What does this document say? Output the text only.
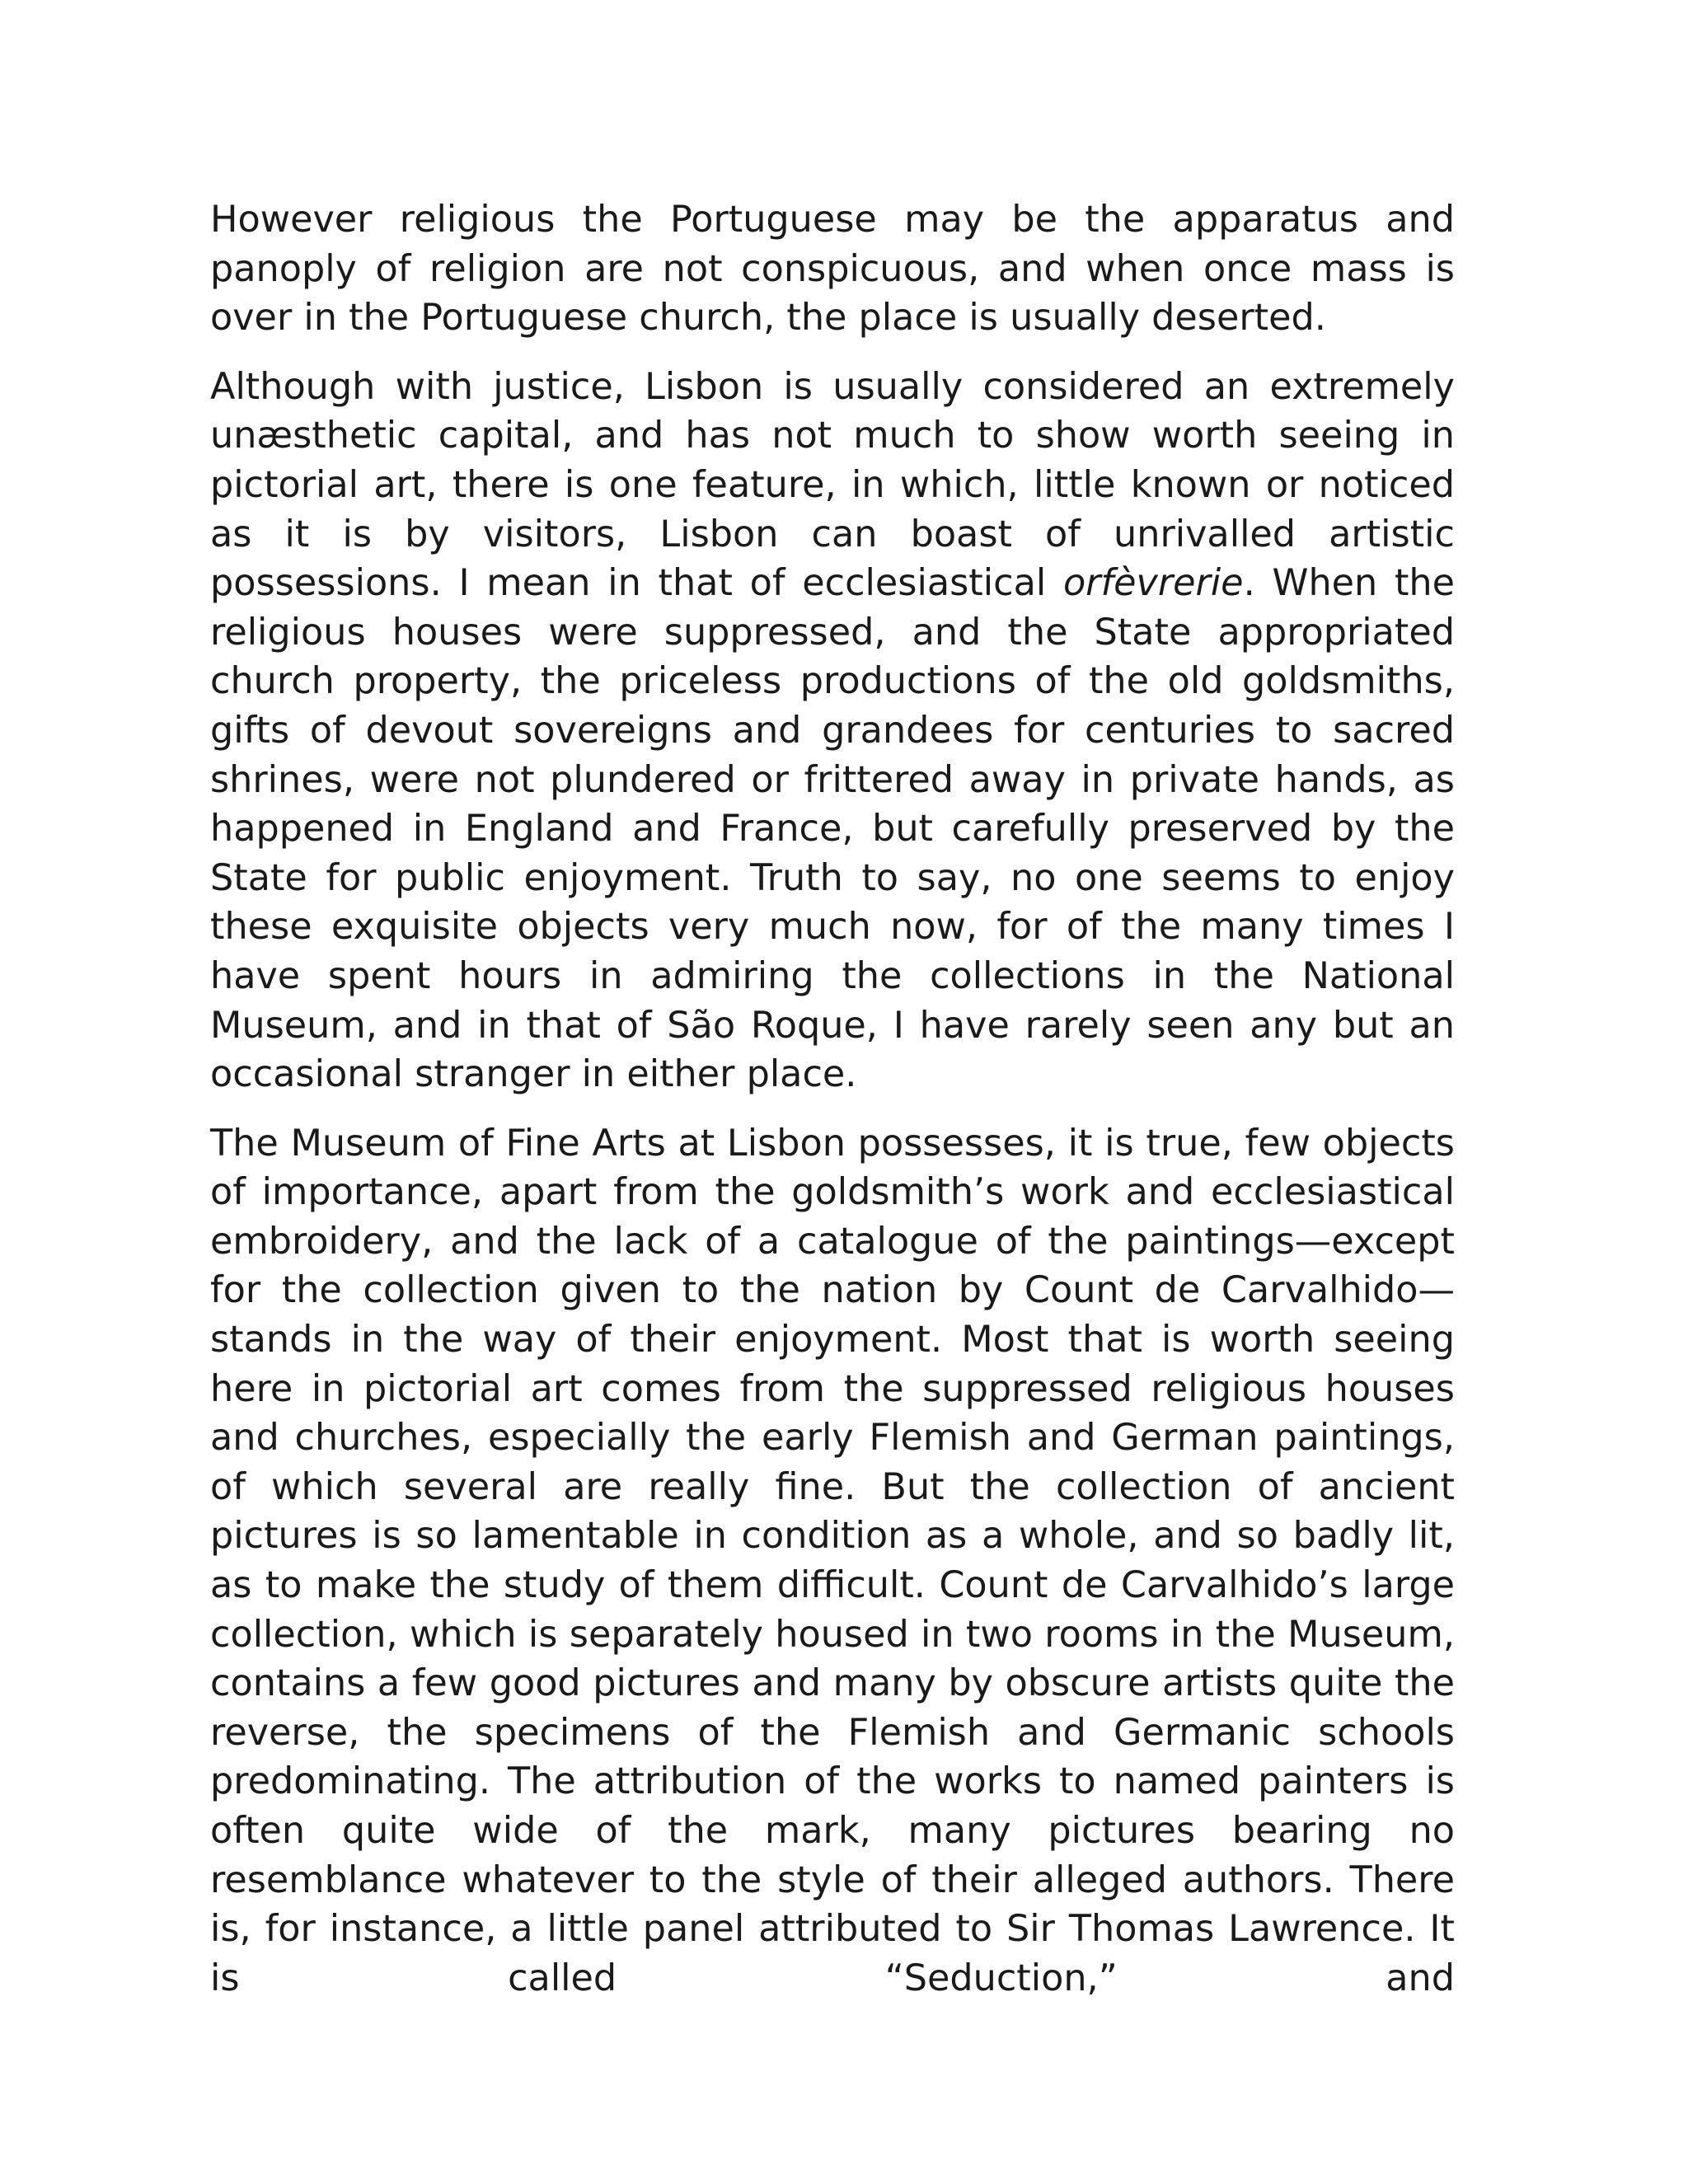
However religious the Portuguese may be the apparatus and panoply of religion are not conspicuous, and when once mass is over in the Portuguese church, the place is usually deserted.

Although with justice, Lisbon is usually considered an extremely unæsthetic capital, and has not much to show worth seeing in pictorial art, there is one feature, in which, little known or noticed as it is by visitors, Lisbon can boast of unrivalled artistic possessions. I mean in that of ecclesiastical orfèvrerie. When the religious houses were suppressed, and the State appropriated church property, the priceless productions of the old goldsmiths, gifts of devout sovereigns and grandees for centuries to sacred shrines, were not plundered or frittered away in private hands, as happened in England and France, but carefully preserved by the State for public enjoyment. Truth to say, no one seems to enjoy these exquisite objects very much now, for of the many times I have spent hours in admiring the collections in the National Museum, and in that of São Roque, I have rarely seen any but an occasional stranger in either place.

The Museum of Fine Arts at Lisbon possesses, it is true, few objects of importance, apart from the goldsmith’s work and ecclesiastical embroidery, and the lack of a catalogue of the paintings—except for the collection given to the nation by Count de Carvalhido—stands in the way of their enjoyment. Most that is worth seeing here in pictorial art comes from the suppressed religious houses and churches, especially the early Flemish and German paintings, of which several are really fine. But the collection of ancient pictures is so lamentable in condition as a whole, and so badly lit, as to make the study of them difficult. Count de Carvalhido’s large collection, which is separately housed in two rooms in the Museum, contains a few good pictures and many by obscure artists quite the reverse, the specimens of the Flemish and Germanic schools predominating. The attribution of the works to named painters is often quite wide of the mark, many pictures bearing no resemblance whatever to the style of their alleged authors. There is, for instance, a little panel attributed to Sir Thomas Lawrence. It is called “Seduction,” and
